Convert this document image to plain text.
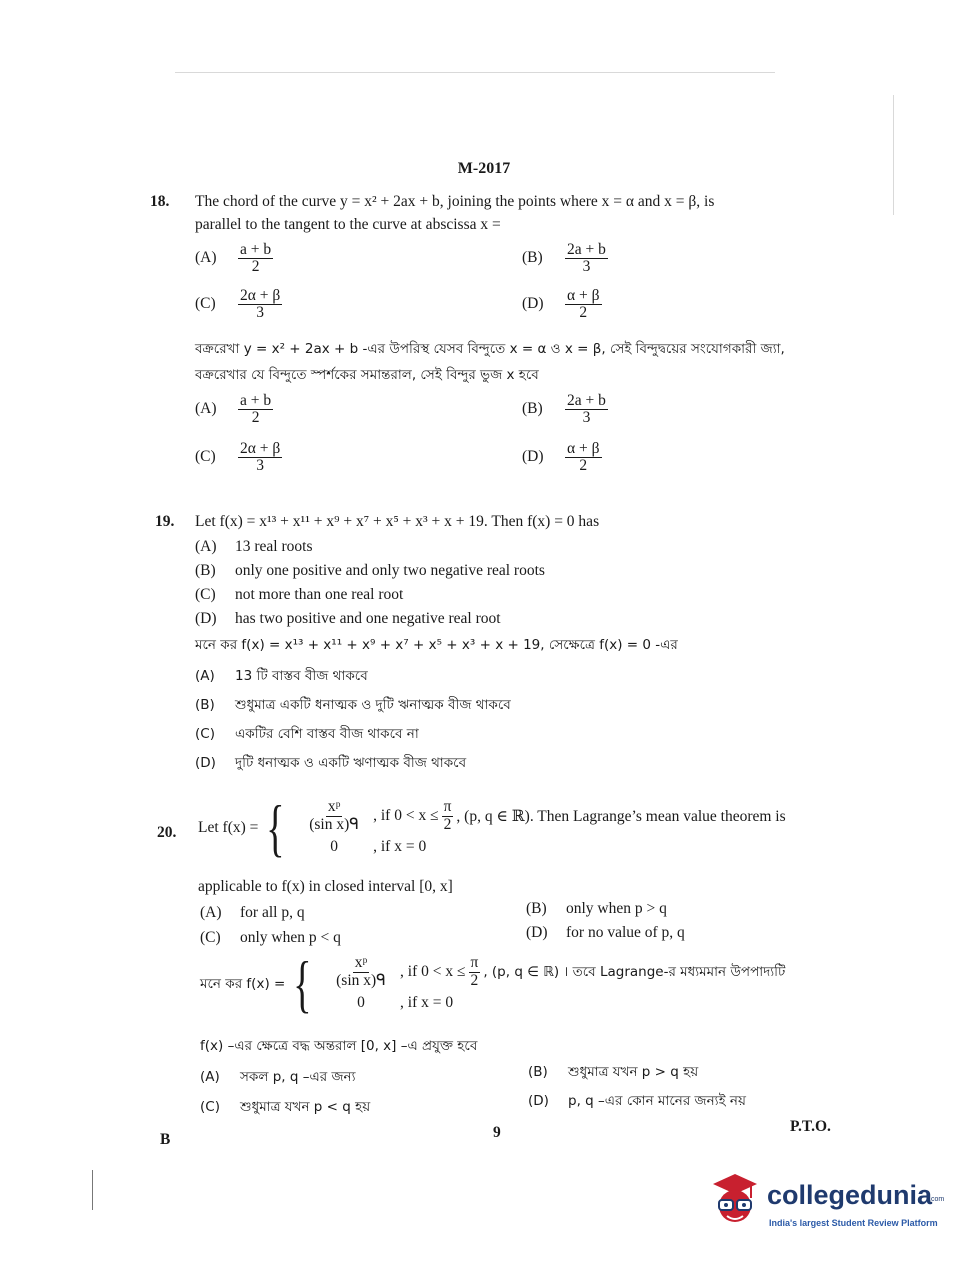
M-2017
18. The chord of the curve y = x² + 2ax + b, joining the points where x = α and x = β, is
parallel to the tangent to the curve at abscissa x =
$(A) \frac{a + b}{2}$	$(B) \frac{2a + b}{3}$
$(C) \frac{2\alpha + \beta}{3}$	$(D) \frac{\alpha + \beta}{2}$
বক্ররেখা y = x² + 2ax + b -এর উপরিস্থ যেসব বিন্দুতে x = α ও x = β, সেই বিন্দুদ্বয়ের সংযোগকারী জ্যা,
বক্ররেখার যে বিন্দুতে স্পর্শকের সমান্তরাল, সেই বিন্দুর ভুজ x হবে
$(A) \frac{a + b}{2}$	$(B) \frac{2a + b}{3}$
$(C) \frac{2\alpha + \beta}{3}$	$(D) \frac{\alpha + \beta}{2}$
19. Let f(x) = x¹³ + x¹¹ + x⁹ + x⁷ + x⁵ + x³ + x + 19. Then f(x) = 0 has
(A) 13 real roots
(B) only one positive and only two negative real roots
(C) not more than one real root
(D) has two positive and one negative real root
মনে কর f(x) = x¹³ + x¹¹ + x⁹ + x⁷ + x⁵ + x³ + x + 19, সেক্ষেত্রে f(x) = 0 -এর
(A) 13 টি বাস্তব বীজ থাকবে
(B) শুধুমাত্র একটি ধনাত্মক ও দুটি ঋনাত্মক বীজ থাকবে
(C) একটির বেশি বাস্তব বীজ থাকবে না
(D) দুটি ধনাত্মক ও একটি ঋণাত্মক বীজ থাকবে
20. Let f(x) = { $\frac{\text{xᵖ}}{\text{(sin x)ᑫ}}$ , if $0 < x \le \frac{\pi}{2}$ , (p, q ∈ ℝ). Then Lagrange’s mean value theorem is
0	, if x = 0
applicable to f(x) in closed interval [0, x]
(A) for all p, q	(B) only when p > q
(C) only when p < q	(D) for no value of p, q
মনে কর f(x) = { $\frac{\text{xᵖ}}{\text{(sin x)ᑫ}}$ , if $0 < x \le \frac{\pi}{2}$ , (p, q ∈ ℝ) । তবে Lagrange-র মধ্যমমান উপপাদ্যটি
0	, if x = 0
f(x) –এর ক্ষেত্রে বদ্ধ অন্তরাল [0, x] –এ প্রযুক্ত হবে
(A) সকল p, q –এর জন্য	(B) শুধুমাত্র যখন p > q হয়
(C) শুধুমাত্র যখন p < q হয়	(D) p, q –এর কোন মানের জন্যই নয়
B	9	P.T.O.
collegedunia
.com
India's largest Student Review Platform
